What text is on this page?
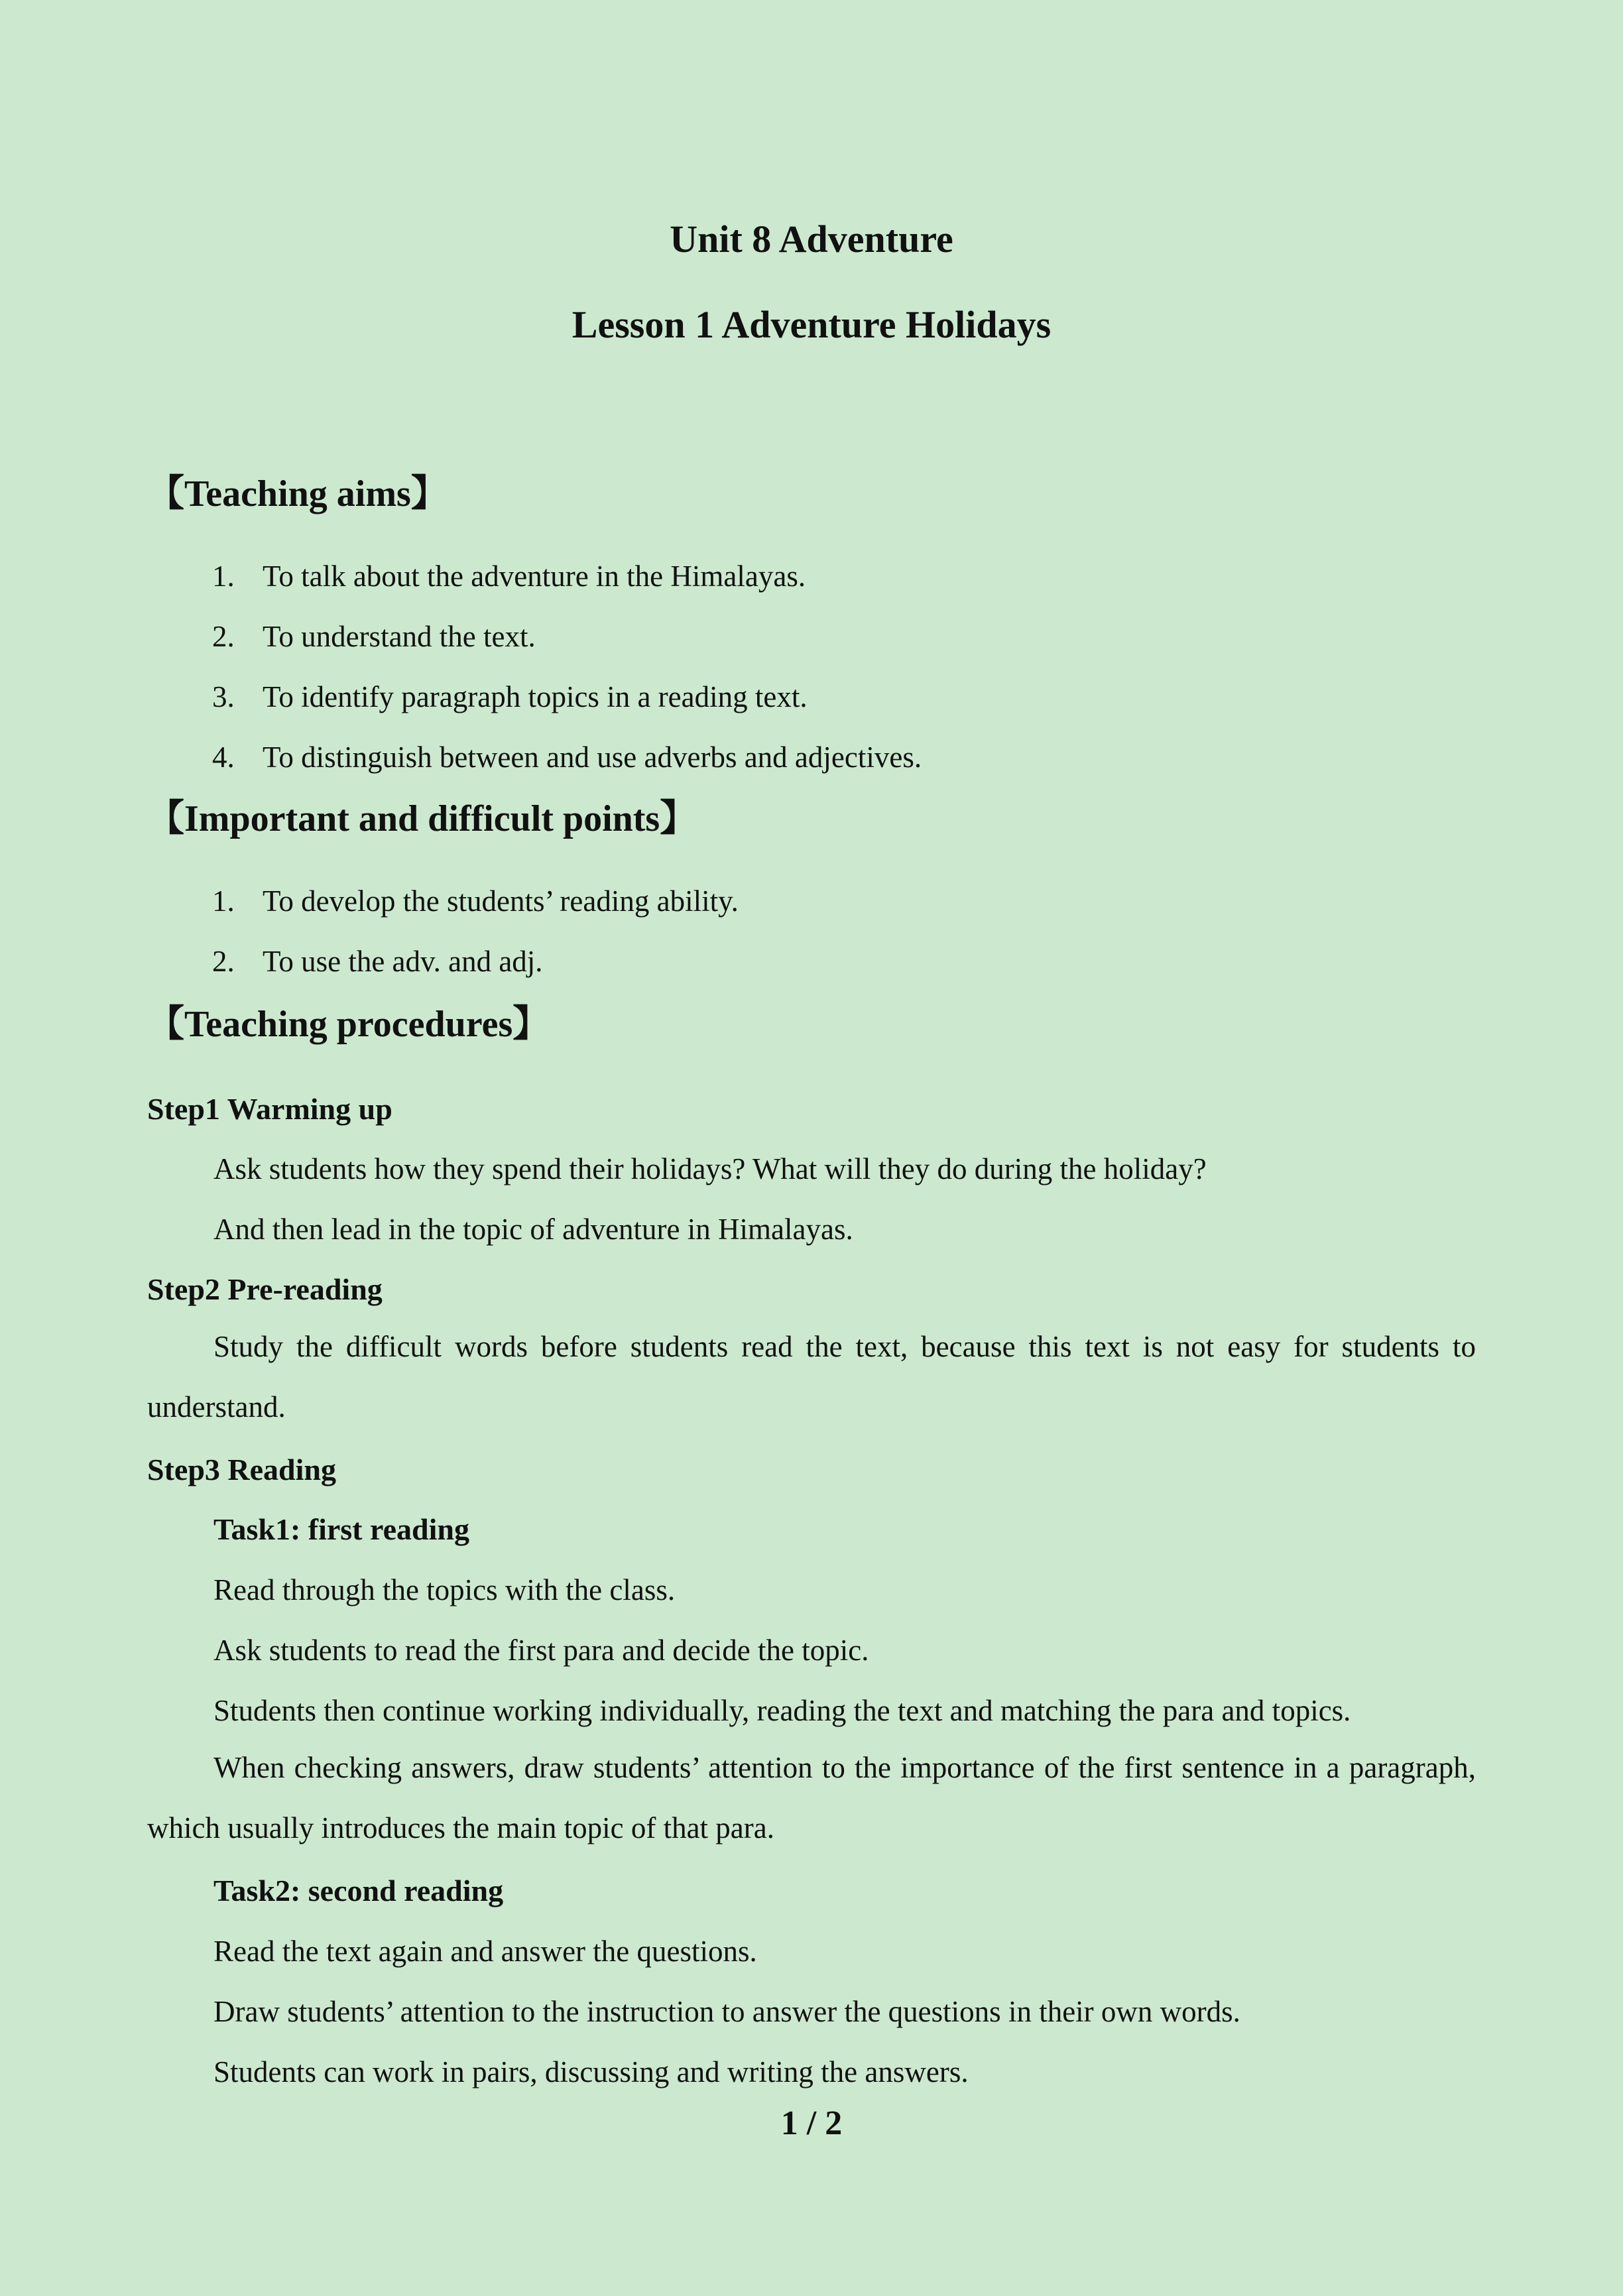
Unit 8 Adventure
Lesson 1 Adventure Holidays
【Teaching aims】
1. To talk about the adventure in the Himalayas.
2. To understand the text.
3. To identify paragraph topics in a reading text.
4. To distinguish between and use adverbs and adjectives.
【Important and difficult points】
1. To develop the students’ reading ability.
2. To use the adv. and adj.
【Teaching procedures】
Step1 Warming up
Ask students how they spend their holidays? What will they do during the holiday?
And then lead in the topic of adventure in Himalayas.
Step2 Pre-reading
Study the difficult words before students read the text, because this text is not easy for students to understand.
Step3 Reading
Task1: first reading
Read through the topics with the class.
Ask students to read the first para and decide the topic.
Students then continue working individually, reading the text and matching the para and topics.
When checking answers, draw students’ attention to the importance of the first sentence in a paragraph, which usually introduces the main topic of that para.
Task2: second reading
Read the text again and answer the questions.
Draw students’ attention to the instruction to answer the questions in their own words.
Students can work in pairs, discussing and writing the answers.
1 / 2
